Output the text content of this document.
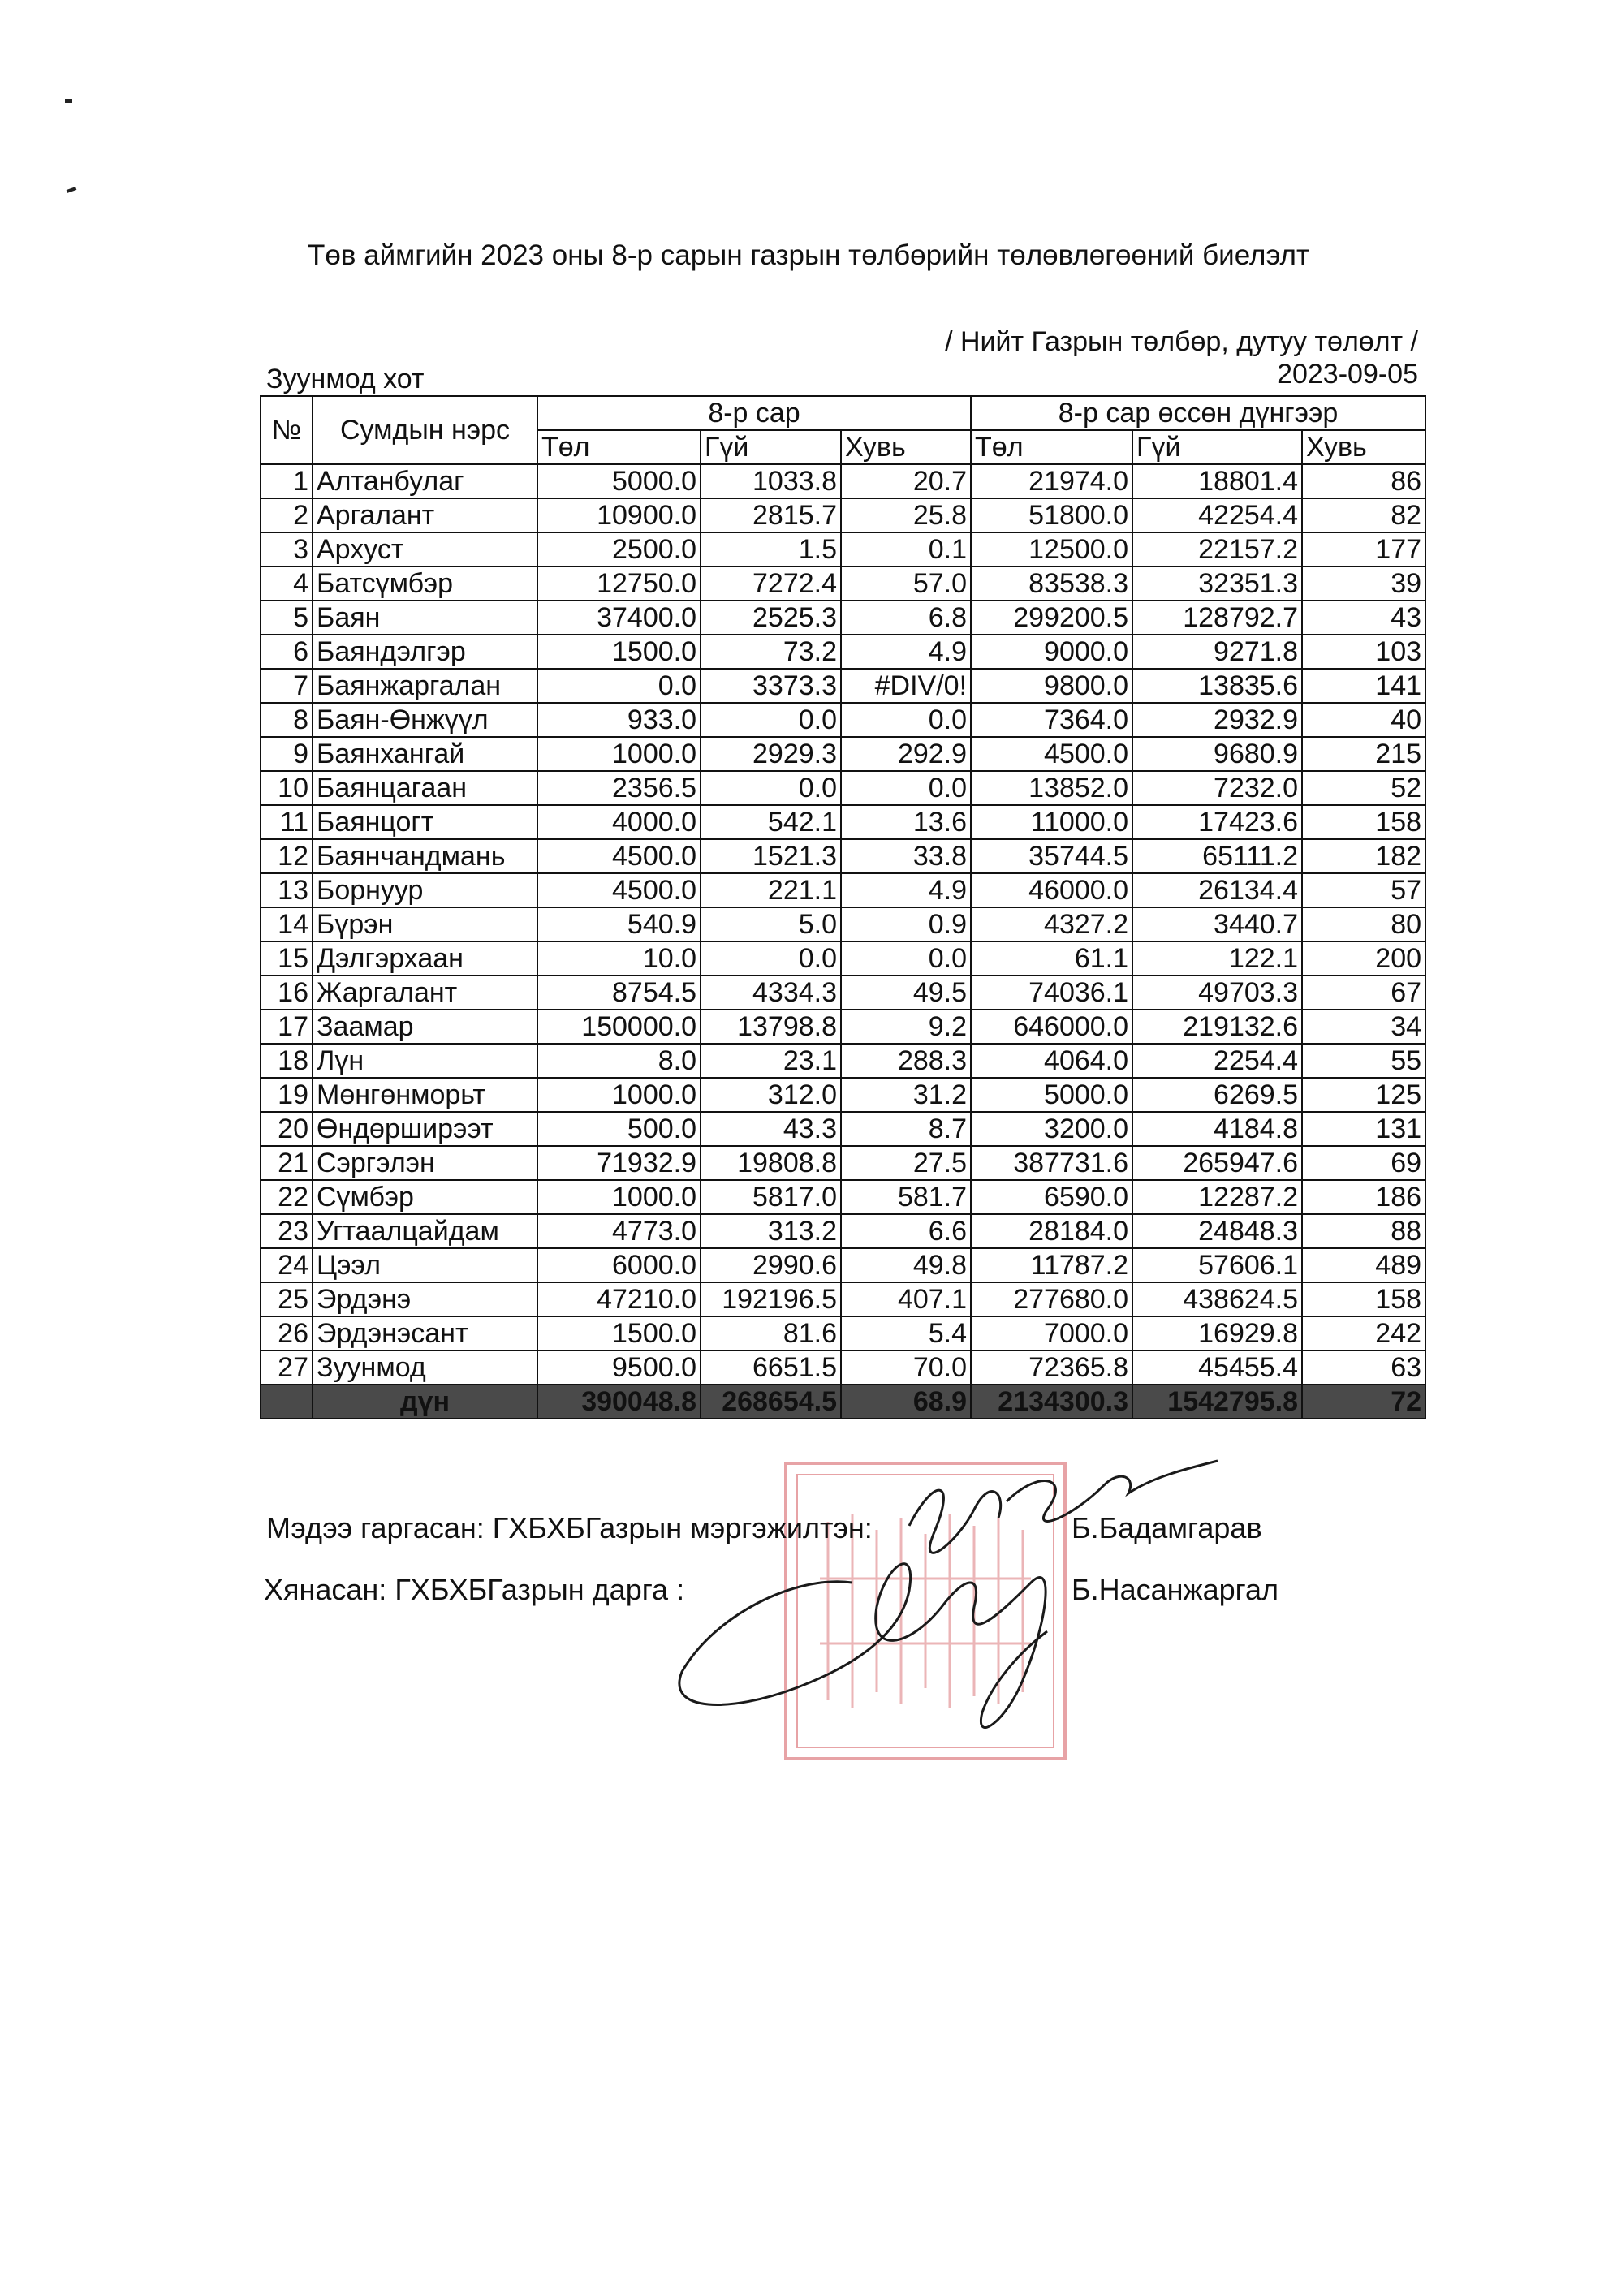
Төв аймгийн 2023 оны 8-р сарын газрын төлбөрийн төлөвлөгөөний биелэлт
/ Нийт Газрын төлбөр, дутуу төлөлт /
Зуунмод хот	2023-09-05
№	Сумдын нэрс	8-р сар			8-р сар өссөн дүнгээр		
		Төл	Гүй	Хувь	Төл	Гүй	Хувь
1	Алтанбулаг	5000.0	1033.8	20.7	21974.0	18801.4	86
2	Аргалант	10900.0	2815.7	25.8	51800.0	42254.4	82
3	Архуст	2500.0	1.5	0.1	12500.0	22157.2	177
4	Батсүмбэр	12750.0	7272.4	57.0	83538.3	32351.3	39
5	Баян	37400.0	2525.3	6.8	299200.5	128792.7	43
6	Баяндэлгэр	1500.0	73.2	4.9	9000.0	9271.8	103
7	Баянжаргалан	0.0	3373.3	#DIV/0!	9800.0	13835.6	141
8	Баян-Өнжүүл	933.0	0.0	0.0	7364.0	2932.9	40
9	Баянхангай	1000.0	2929.3	292.9	4500.0	9680.9	215
10	Баянцагаан	2356.5	0.0	0.0	13852.0	7232.0	52
11	Баянцогт	4000.0	542.1	13.6	11000.0	17423.6	158
12	Баянчандмань	4500.0	1521.3	33.8	35744.5	65111.2	182
13	Борнуур	4500.0	221.1	4.9	46000.0	26134.4	57
14	Бүрэн	540.9	5.0	0.9	4327.2	3440.7	80
15	Дэлгэрхаан	10.0	0.0	0.0	61.1	122.1	200
16	Жаргалант	8754.5	4334.3	49.5	74036.1	49703.3	67
17	Заамар	150000.0	13798.8	9.2	646000.0	219132.6	34
18	Лүн	8.0	23.1	288.3	4064.0	2254.4	55
19	Мөнгөнморьт	1000.0	312.0	31.2	5000.0	6269.5	125
20	Өндөрширээт	500.0	43.3	8.7	3200.0	4184.8	131
21	Сэргэлэн	71932.9	19808.8	27.5	387731.6	265947.6	69
22	Сүмбэр	1000.0	5817.0	581.7	6590.0	12287.2	186
23	Угтаалцайдам	4773.0	313.2	6.6	28184.0	24848.3	88
24	Цээл	6000.0	2990.6	49.8	11787.2	57606.1	489
25	Эрдэнэ	47210.0	192196.5	407.1	277680.0	438624.5	158
26	Эрдэнэсант	1500.0	81.6	5.4	7000.0	16929.8	242
27	Зуунмод	9500.0	6651.5	70.0	72365.8	45455.4	63
	дүн	390048.8	268654.5	68.9	2134300.3	1542795.8	72
Мэдээ гаргасан: ГХБХБГазрын мэргэжилтэн:	Б.Бадамгарав
Хянасан: ГХБХБГазрын дарга :	Б.Насанжаргал
